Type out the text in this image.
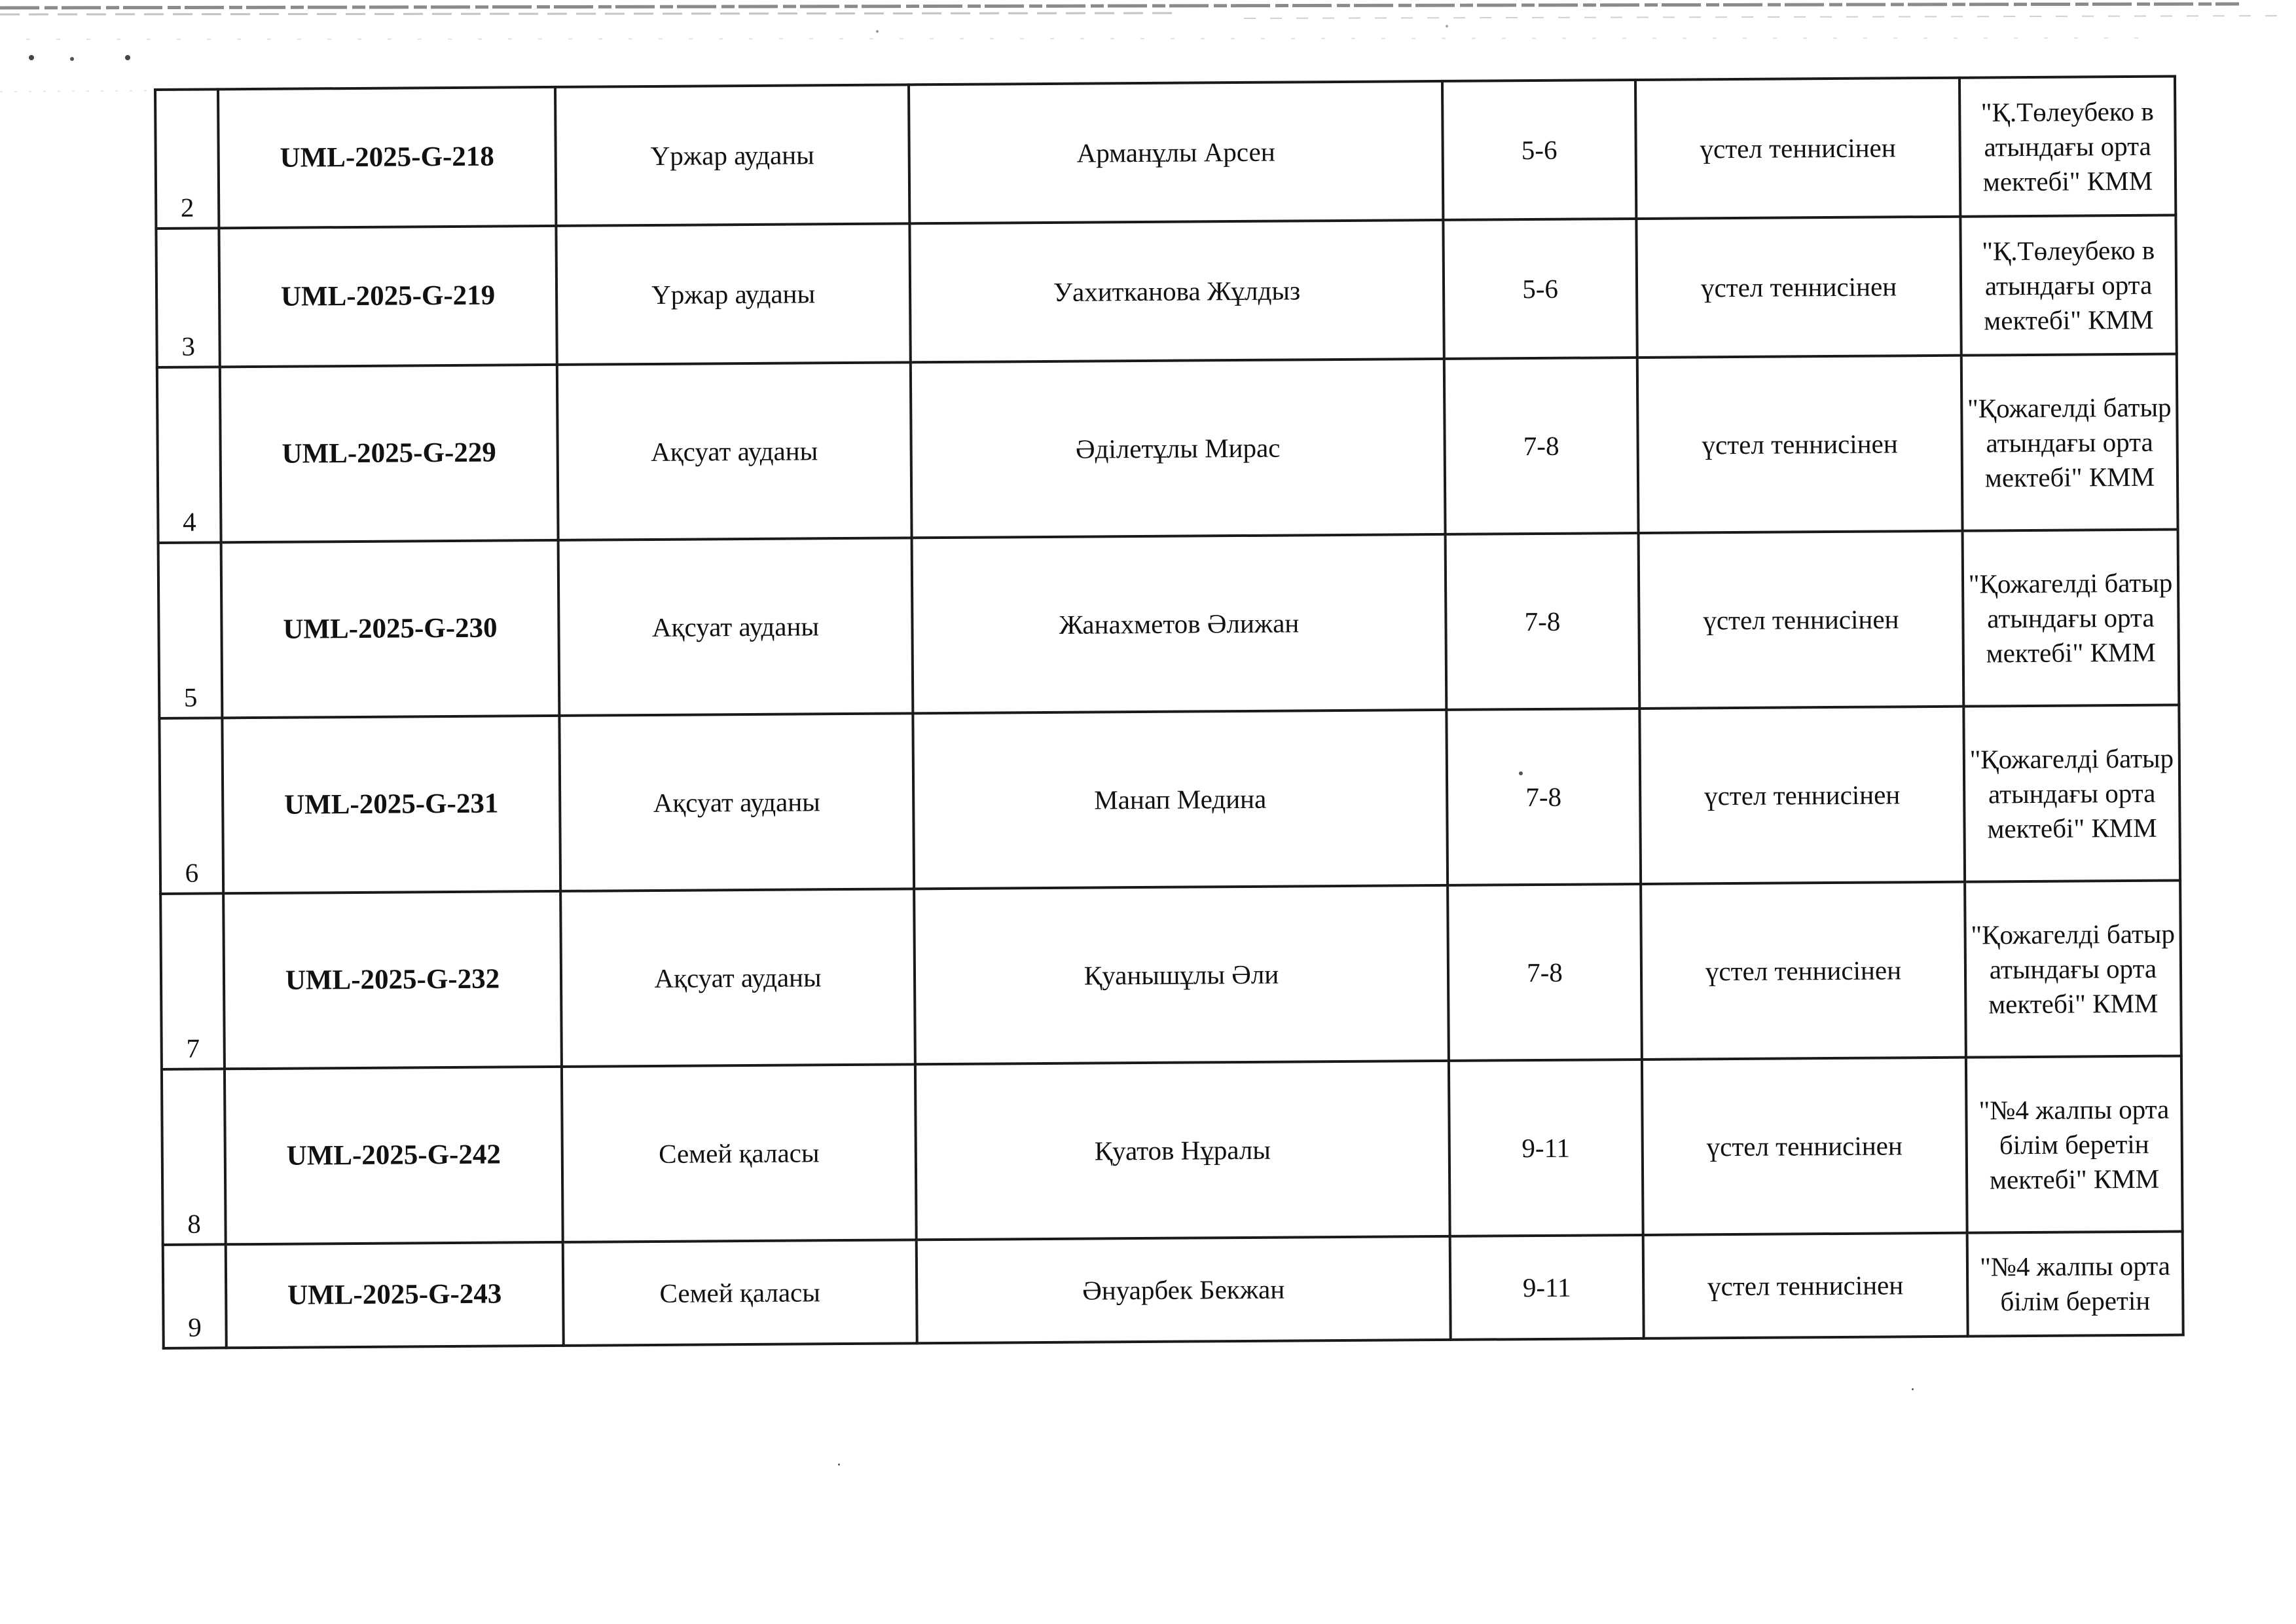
2	UML-2025-G-218	Үржар ауданы	Арманұлы Арсен	5-6	үстел теннисінен	"Қ.Төлеубеко в атындағы орта мектебі" КММ

3	UML-2025-G-219	Үржар ауданы	Уахитканова Жұлдыз	5-6	үстел теннисінен	"Қ.Төлеубеко в атындағы орта мектебі" КММ

4	UML-2025-G-229	Ақсуат ауданы	Әділетұлы Мирас	7-8	үстел теннисінен	"Қожагелді батыр атындағы орта мектебі" КММ

5	UML-2025-G-230	Ақсуат ауданы	Жанахметов Әлижан	7-8	үстел теннисінен	"Қожагелді батыр атындағы орта мектебі" КММ

6	UML-2025-G-231	Ақсуат ауданы	Манап Медина	7-8	үстел теннисінен	"Қожагелді батыр атындағы орта мектебі" КММ

7	UML-2025-G-232	Ақсуат ауданы	Қуанышұлы Әли	7-8	үстел теннисінен	"Қожагелді батыр атындағы орта мектебі" КММ

8	UML-2025-G-242	Семей қаласы	Қуатов Нұралы	9-11	үстел теннисінен	"№4 жалпы орта білім беретін мектебі" КММ

9	UML-2025-G-243	Семей қаласы	Әнуарбек Бекжан	9-11	үстел теннисінен	"№4 жалпы орта білім беретін
